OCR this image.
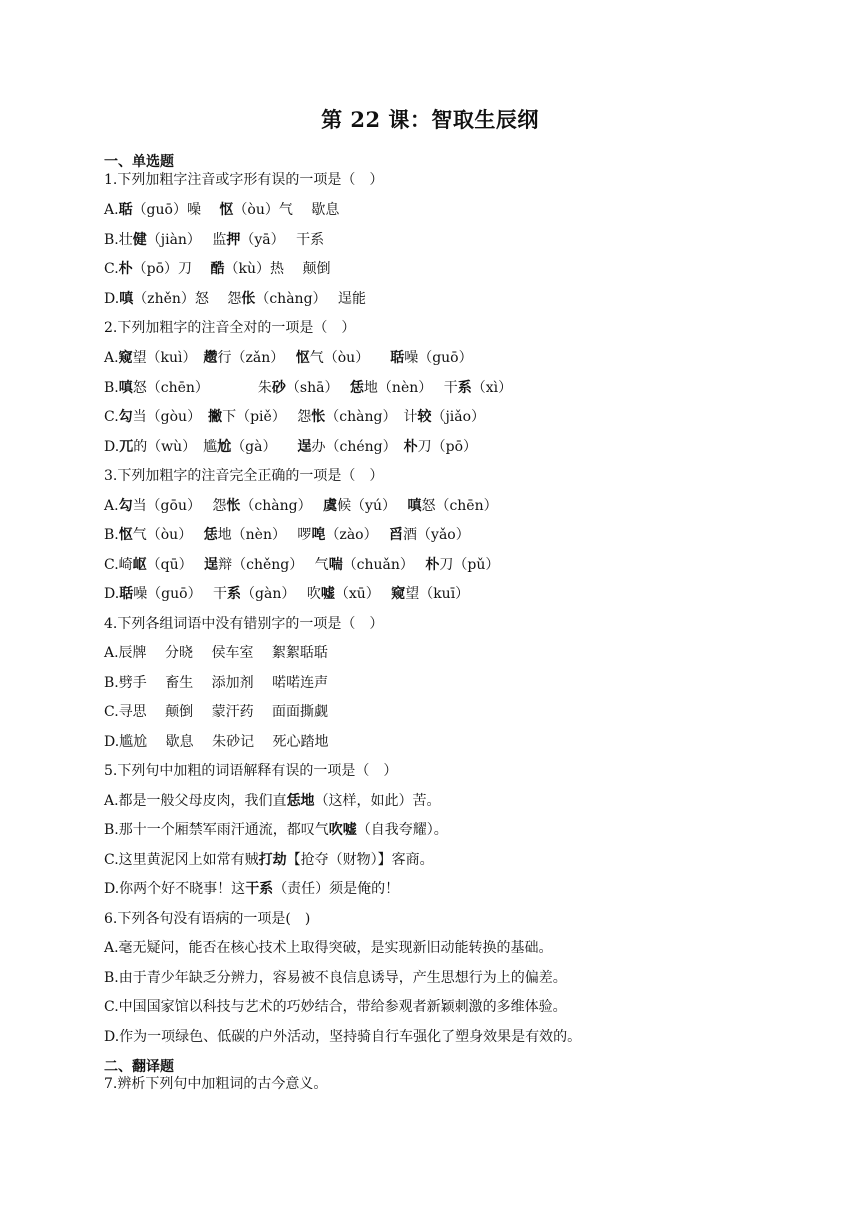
第 22 课：智取生辰纲
一、单选题
1.下列加粗字注音或字形有误的一项是（　）
A.聒（guō）噪　 怄（òu）气　 歇息
B.壮健（jiàn）　 监押（yā）　 干系
C.朴（pō）刀　 酷（kù）热　 颠倒
D.嗔（zhěn）怒　 怨伥（chàng）　 逞能
2.下列加粗字的注音全对的一项是（　）
A.窥望（kuì）　趱行（zǎn）　 怄气（òu）　　聒噪（guō）
B.嗔怒（chēn）　　　　朱砂（shā）　 恁地（nèn）　 干系（xì）
C.勾当（gòu）　撇下（piě）　 怨怅（chàng）　计较（jiǎo）
D.兀的（wù）　尴尬（gà）　　逞办（chéng）　朴刀（pō）
3.下列加粗字的注音完全正确的一项是（　）
A.勾当（gōu）　 怨怅（chàng）　 虞候（yú）　 嗔怒（chēn）
B.怄气（òu）　 恁地（nèn）　 啰唣（zào）　 舀酒（yǎo）
C.崎岖（qū）　 逞辩（chěng）　 气喘（chuǎn）　 朴刀（pǔ）
D.聒噪（guō）　 干系（gàn）　 吹嘘（xū）　 窥望（kuī）
4.下列各组词语中没有错别字的一项是（　）
A.辰牌　 分晓　 侯车室　 絮絮聒聒
B.劈手　 畜生　 添加剂　 喏喏连声
C.寻思　 颠倒　 蒙汗药　 面面撕觑
D.尴尬　 歇息　 朱砂记　 死心踏地
5.下列句中加粗的词语解释有误的一项是（　）
A.都是一般父母皮肉，我们直恁地（这样，如此）苦。
B.那十一个厢禁军雨汗通流，都叹气吹嘘（自我夸耀）。
C.这里黄泥冈上如常有贼打劫【抢夺（财物）】客商。
D.你两个好不晓事！这干系（责任）须是俺的！
6.下列各句没有语病的一项是(　)
A.毫无疑问，能否在核心技术上取得突破，是实现新旧动能转换的基础。
B.由于青少年缺乏分辨力，容易被不良信息诱导，产生思想行为上的偏差。
C.中国国家馆以科技与艺术的巧妙结合，带给参观者新颖刺激的多维体验。
D.作为一项绿色、低碳的户外活动，坚持骑自行车强化了塑身效果是有效的。
二、翻译题
7.辨析下列句中加粗词的古今意义。
